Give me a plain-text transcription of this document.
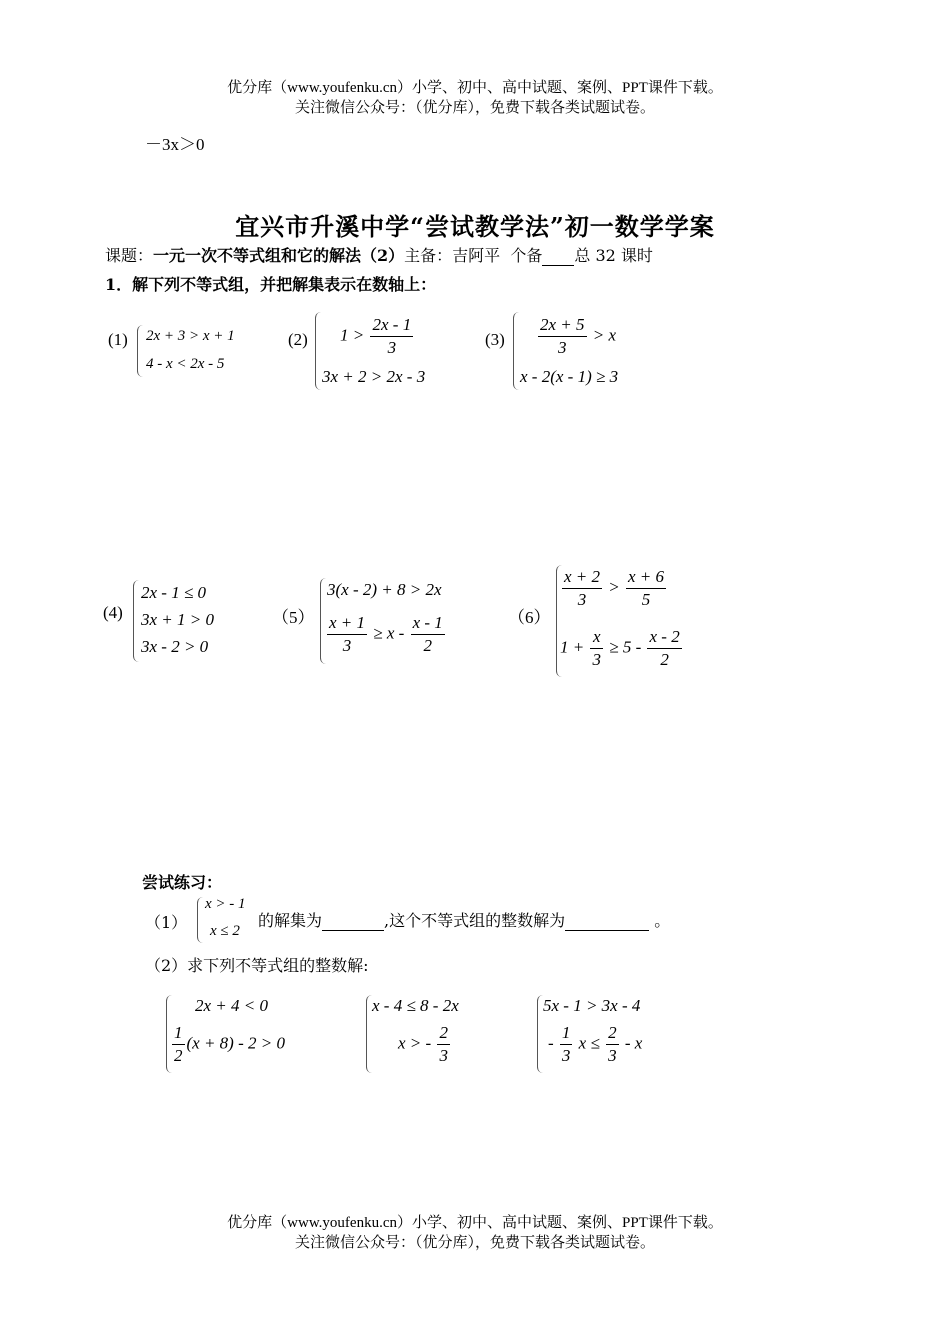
优分库（www.youfenku.cn）小学、初中、高中试题、案例、PPT课件下载。
关注微信公众号：（优分库），免费下载各类试题试卷。
－3x＞0
宜兴市升溪中学“尝试教学法”初一数学学案
课题：一元一次不等式组和它的解法（2）主备：吉阿平 个备 总 32 课时
1．解下列不等式组，并把解集表示在数轴上：
(1) 2x + 3 > x + 1
4 - x < 2x - 5
(2) $1 > \frac{2x - 1}{3}$
3x + 2 > 2x - 3
$(3) \frac{2x + 5}{3} > x$
x - 2(x - 1) ≥ 3
(4)
2x - 1 ≤ 0
3x + 1 > 0
3x - 2 > 0
（5）
3(x - 2) + 8 > 2x
$\frac{x + 1}{3} \ge x - \frac{x - 1}{2}$	（6）
$\frac{x + 2}{3} > \frac{x + 6}{5}$
$1 + \frac{x}{3} \ge 5 - \frac{x - 2}{2}$
尝试练习：
（1）
x > - 1
x ≤ 2
的解集为	,这个不等式组的整数解为	。
（2）求下列不等式组的整数解:
2x + 4 < 0
$\frac{1}{2} (x + 8) - 2 > 0$
x - 4 ≤ 8 - 2x
x > - $\frac{2}{3}$
5x - 1 > 3x - 4
- $\frac{1}{3}$ $x \le \frac{2}{3} - x$
优分库（www.youfenku.cn）小学、初中、高中试题、案例、PPT课件下载。
关注微信公众号：（优分库），免费下载各类试题试卷。
